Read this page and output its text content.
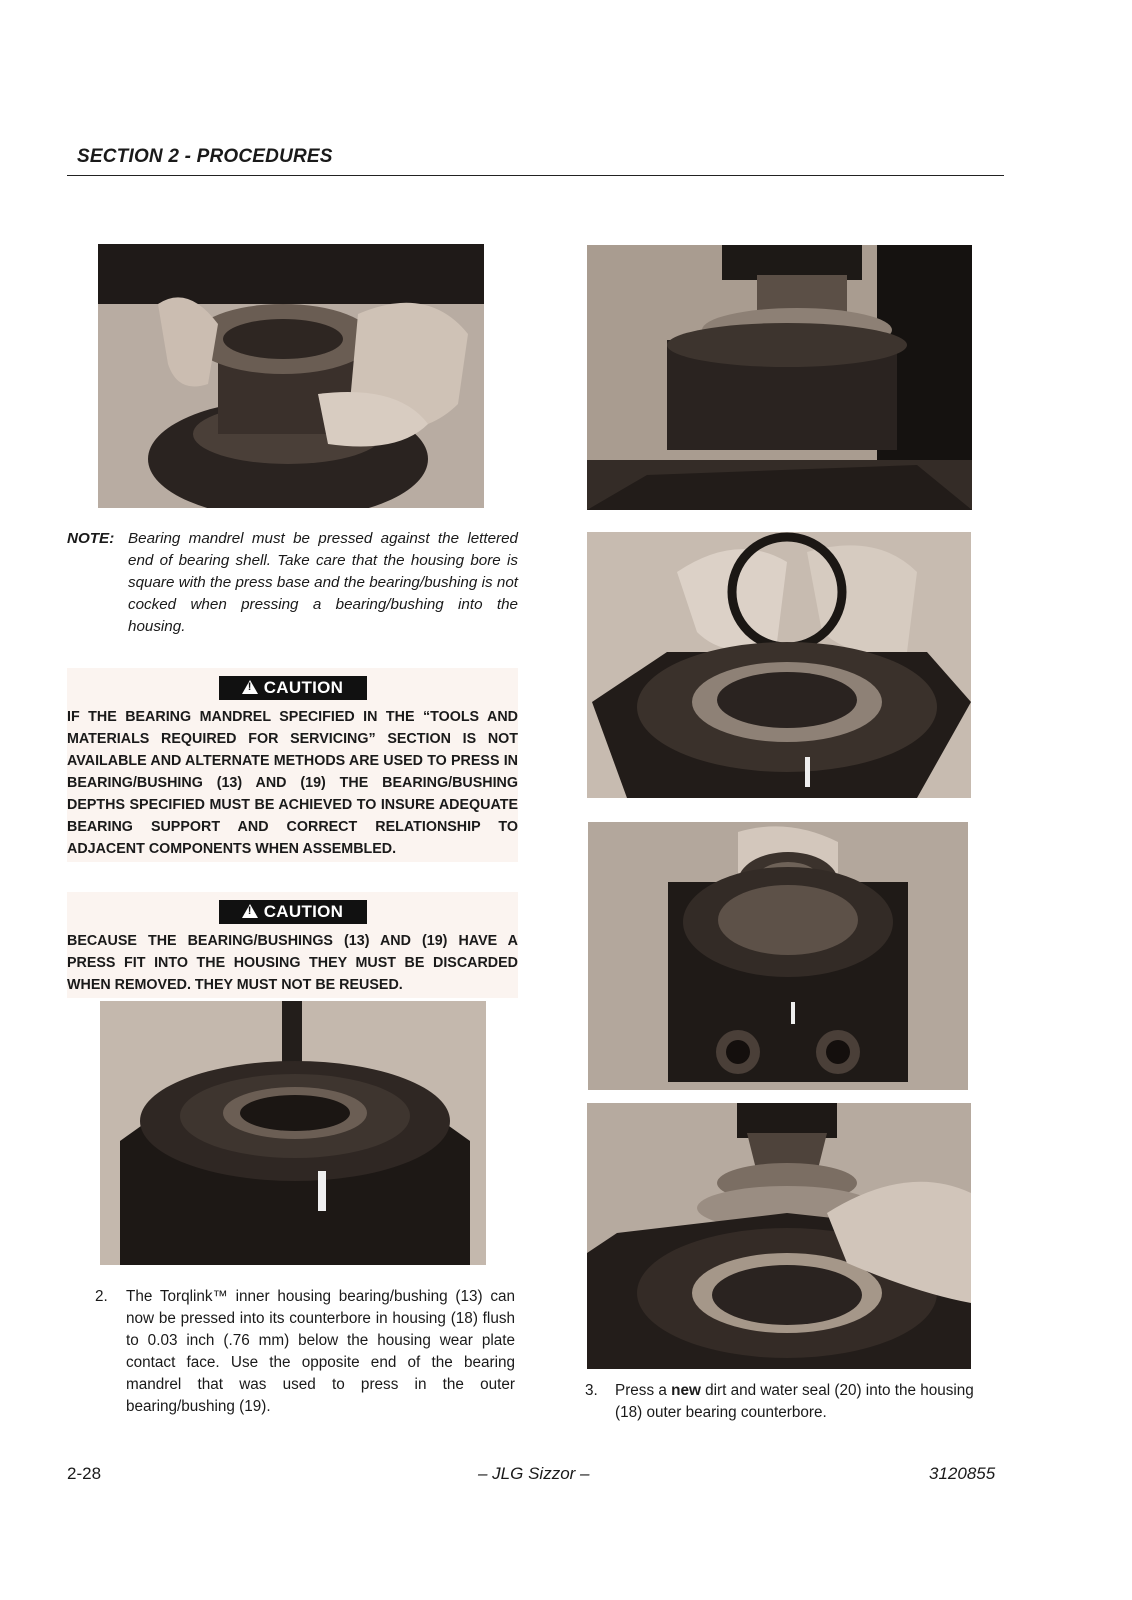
SECTION 2 - PROCEDURES
NOTE: Bearing mandrel must be pressed against the lettered end of bearing shell. Take care that the housing bore is square with the press base and the bearing/bushing is not cocked when pressing a bearing/bushing into the housing.
!CAUTION
IF THE BEARING MANDREL SPECIFIED IN THE “TOOLS AND MATERIALS REQUIRED FOR SERVICING” SECTION IS NOT AVAILABLE AND ALTERNATE METHODS ARE USED TO PRESS IN BEARING/BUSHING (13) AND (19) THE BEARING/BUSHING DEPTHS SPECIFIED MUST BE ACHIEVED TO INSURE ADEQUATE BEARING SUPPORT AND CORRECT RELATIONSHIP TO ADJACENT COMPONENTS WHEN ASSEMBLED.
!CAUTION
BECAUSE THE BEARING/BUSHINGS (13) AND (19) HAVE A PRESS FIT INTO THE HOUSING THEY MUST BE DISCARDED WHEN REMOVED. THEY MUST NOT BE REUSED.
2. The Torqlink™ inner housing bearing/bushing (13) can now be pressed into its counterbore in housing (18) flush to 0.03 inch (.76 mm) below the housing wear plate contact face. Use the opposite end of the bearing mandrel that was used to press in the outer bearing/bushing (19).
3. Press a new dirt and water seal (20) into the housing (18) outer bearing counterbore.
2-28	– JLG Sizzor –	3120855
